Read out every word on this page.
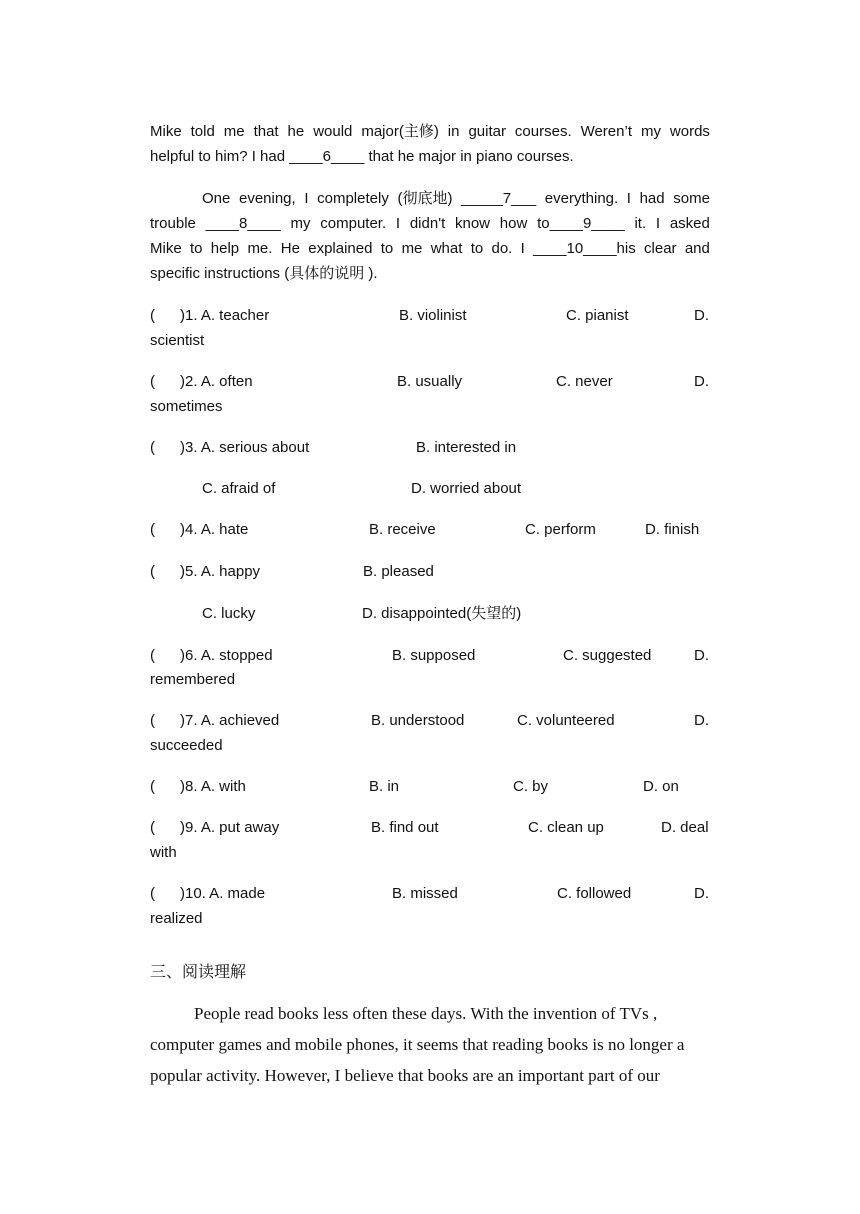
Mike told me that he would major(主修) in guitar courses. Weren’t my words
helpful to him? I had ____6____ that he major in piano courses.
One evening, I completely (彻底地) _____7___ everything. I had some
trouble ____8____ my computer. I didn't know how to____9____ it. I asked
Mike to help me. He explained to me what to do. I ____10____his clear and
specific instructions (具体的说明 ).
(      )1. A. teacher	B. violinist	C. pianist	D.
scientist
(      )2. A. often	B. usually	C. never	D.
sometimes
(      )3. A. serious about	B. interested in
C. afraid of	D. worried about
(      )4. A. hate	B. receive	C. perform	D. finish
(      )5. A. happy	B. pleased
C. lucky	D. disappointed(失望的)
(      )6. A. stopped	B. supposed	C. suggested	D.
remembered
(      )7. A. achieved	B. understood	C. volunteered	D.
succeeded
(      )8. A. with	B. in	C. by	D. on
(      )9. A. put away	B. find out	C. clean up	D. deal
with
(      )10. A. made	B. missed	C. followed	D.
realized
三、阅读理解
People read books less often these days. With the invention of TVs ,
computer games and mobile phones, it seems that reading books is no longer a
popular activity. However, I believe that books are an important part of our
